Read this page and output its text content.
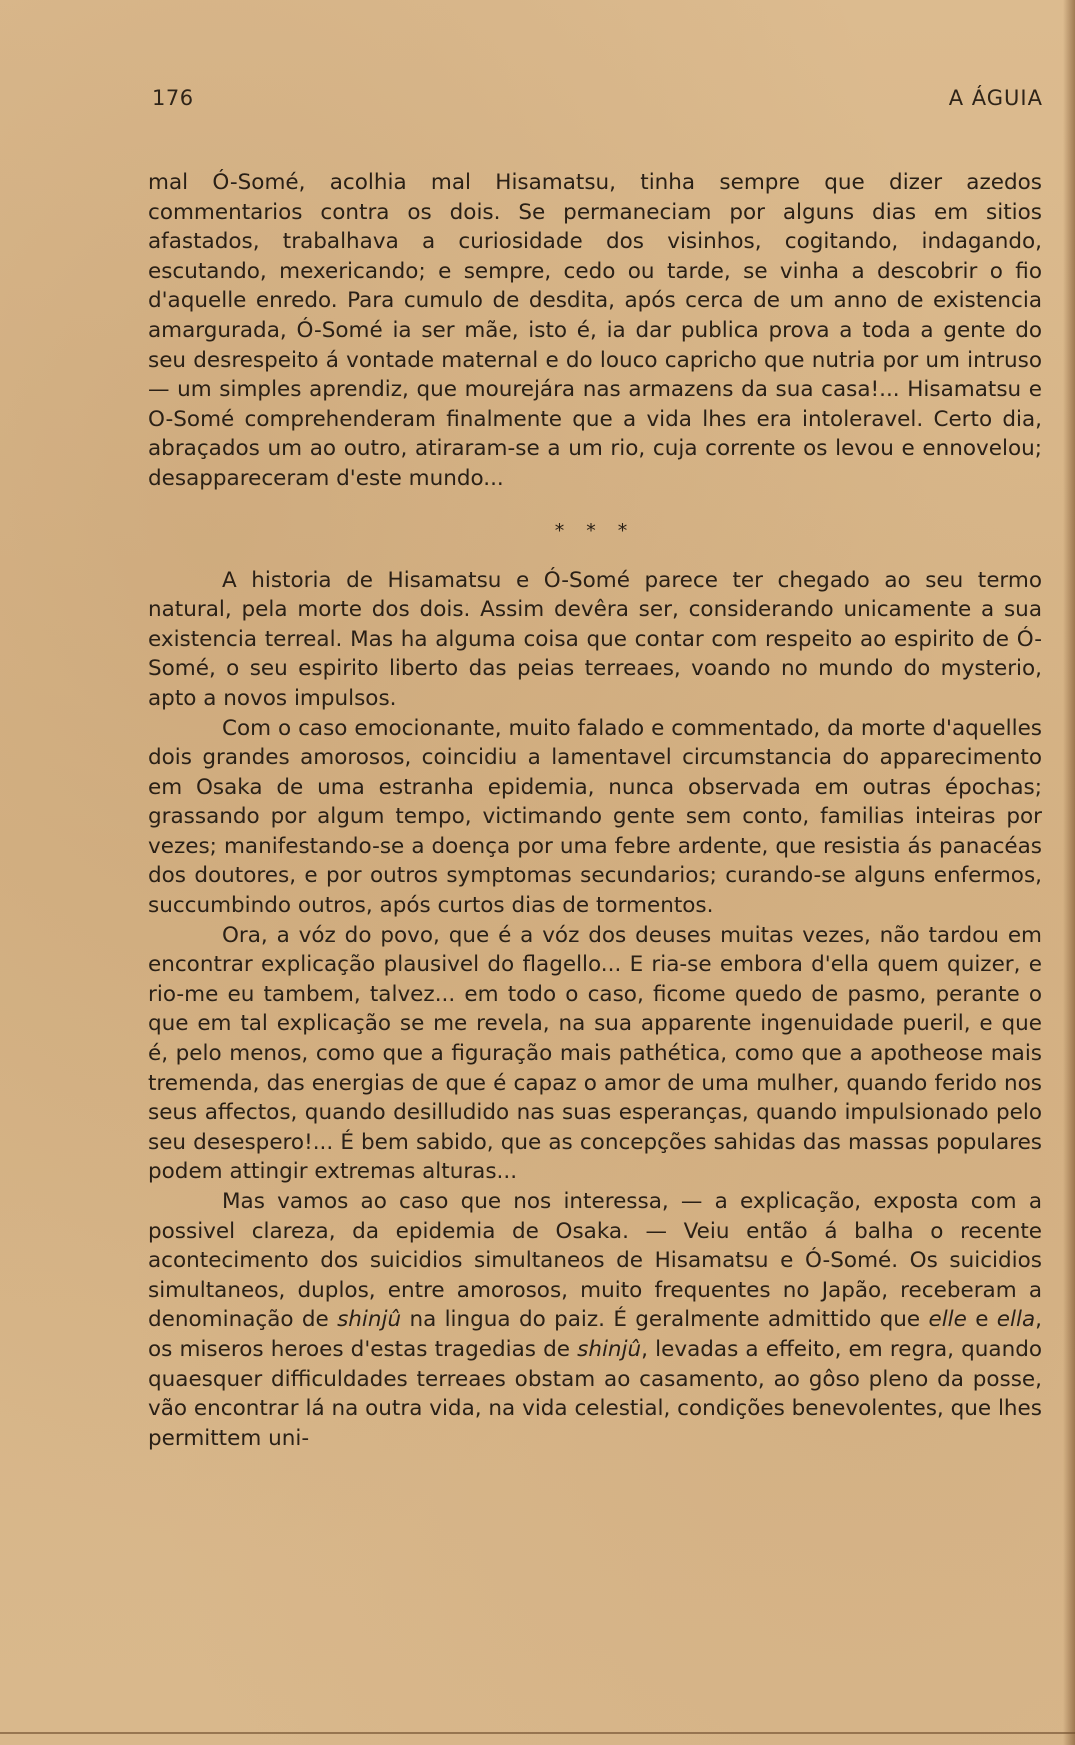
176	A ÁGUIA

mal Ó-Somé, acolhia mal Hisamatsu, tinha sempre que dizer azedos commentarios contra os dois. Se permaneciam por alguns dias em sitios afastados, trabalhava a curiosidade dos visinhos, cogitando, indagando, escutando, mexericando; e sempre, cedo ou tarde, se vinha a descobrir o fio d'aquelle enredo. Para cumulo de desdita, após cerca de um anno de existencia amargurada, Ó-Somé ia ser mãe, isto é, ia dar publica prova a toda a gente do seu desrespeito á vontade maternal e do louco capricho que nutria por um intruso — um simples aprendiz, que mourejára nas armazens da sua casa!... Hisamatsu e O-Somé comprehenderam finalmente que a vida lhes era intoleravel. Certo dia, abraçados um ao outro, atiraram-se a um rio, cuja corrente os levou e ennovelou; desappareceram d'este mundo...

* * *

A historia de Hisamatsu e Ó-Somé parece ter chegado ao seu termo natural, pela morte dos dois. Assim devêra ser, considerando unicamente a sua existencia terreal. Mas ha alguma coisa que contar com respeito ao espirito de Ó-Somé, o seu espirito liberto das peias terreaes, voando no mundo do mysterio, apto a novos impulsos.

Com o caso emocionante, muito falado e commentado, da morte d'aquelles dois grandes amorosos, coincidiu a lamentavel circumstancia do apparecimento em Osaka de uma estranha epidemia, nunca observada em outras épochas; grassando por algum tempo, victimando gente sem conto, familias inteiras por vezes; manifestando-se a doença por uma febre ardente, que resistia ás panacéas dos doutores, e por outros symptomas secundarios; curando-se alguns enfermos, succumbindo outros, após curtos dias de tormentos.

Ora, a vóz do povo, que é a vóz dos deuses muitas vezes, não tardou em encontrar explicação plausivel do flagello... E ria-se embora d'ella quem quizer, e rio-me eu tambem, talvez... em todo o caso, ficome quedo de pasmo, perante o que em tal explicação se me revela, na sua apparente ingenuidade pueril, e que é, pelo menos, como que a figuração mais pathética, como que a apotheose mais tremenda, das energias de que é capaz o amor de uma mulher, quando ferido nos seus affectos, quando desilludido nas suas esperanças, quando impulsionado pelo seu desespero!... É bem sabido, que as concepções sahidas das massas populares podem attingir extremas alturas...

Mas vamos ao caso que nos interessa, — a explicação, exposta com a possivel clareza, da epidemia de Osaka. — Veiu então á balha o recente acontecimento dos suicidios simultaneos de Hisamatsu e Ó-Somé. Os suicidios simultaneos, duplos, entre amorosos, muito frequentes no Japão, receberam a denominação de shinjû na lingua do paiz. É geralmente admittido que elle e ella, os miseros heroes d'estas tragedias de shinjû, levadas a effeito, em regra, quando quaesquer difficuldades terreaes obstam ao casamento, ao gôso pleno da posse, vão encontrar lá na outra vida, na vida celestial, condições benevolentes, que lhes permittem uni-
